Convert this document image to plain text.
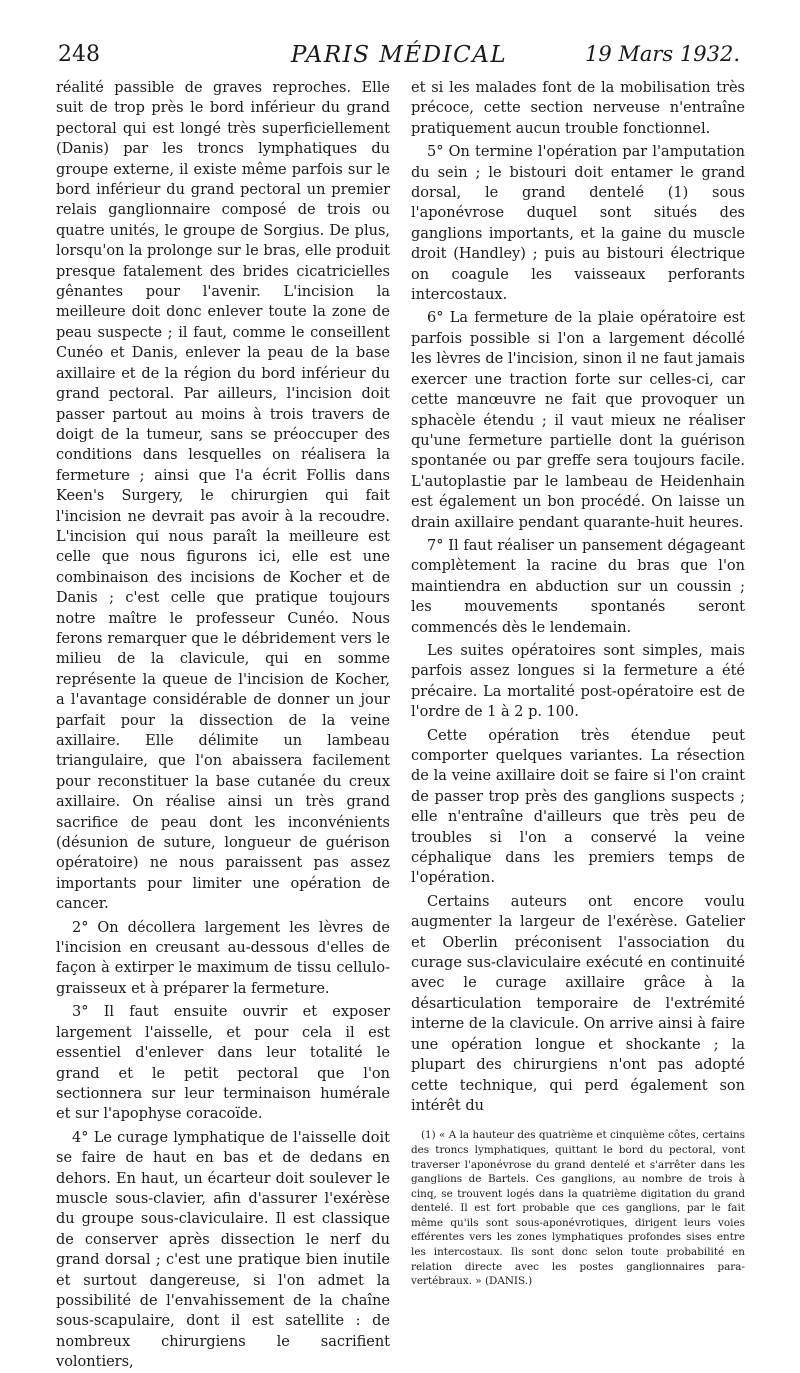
248	PARIS MÉDICAL	19 Mars 1932.

réalité passible de graves reproches. Elle suit de trop près le bord inférieur du grand pectoral qui est longé très superficiellement (Danis) par les troncs lymphatiques du groupe externe, il existe même parfois sur le bord inférieur du grand pectoral un premier relais ganglionnaire composé de trois ou quatre unités, le groupe de Sorgius. De plus, lorsqu'on la prolonge sur le bras, elle produit presque fatalement des brides cicatricielles gênantes pour l'avenir. L'incision la meilleure doit donc enlever toute la zone de peau suspecte ; il faut, comme le conseillent Cunéo et Danis, enlever la peau de la base axillaire et de la région du bord inférieur du grand pectoral. Par ailleurs, l'incision doit passer partout au moins à trois travers de doigt de la tumeur, sans se préoccuper des conditions dans lesquelles on réalisera la fermeture ; ainsi que l'a écrit Follis dans Keen's Surgery, le chirurgien qui fait l'incision ne devrait pas avoir à la recoudre. L'incision qui nous paraît la meilleure est celle que nous figurons ici, elle est une combinaison des incisions de Kocher et de Danis ; c'est celle que pratique toujours notre maître le professeur Cunéo. Nous ferons remarquer que le débridement vers le milieu de la clavicule, qui en somme représente la queue de l'incision de Kocher, a l'avantage considérable de donner un jour parfait pour la dissection de la veine axillaire. Elle délimite un lambeau triangulaire, que l'on abaissera facilement pour reconstituer la base cutanée du creux axillaire. On réalise ainsi un très grand sacrifice de peau dont les inconvénients (désunion de suture, longueur de guérison opératoire) ne nous paraissent pas assez importants pour limiter une opération de cancer.

2° On décollera largement les lèvres de l'incision en creusant au-dessous d'elles de façon à extirper le maximum de tissu cellulo-graisseux et à préparer la fermeture.

3° Il faut ensuite ouvrir et exposer largement l'aisselle, et pour cela il est essentiel d'enlever dans leur totalité le grand et le petit pectoral que l'on sectionnera sur leur terminaison humérale et sur l'apophyse coracoïde.

4° Le curage lymphatique de l'aisselle doit se faire de haut en bas et de dedans en dehors. En haut, un écarteur doit soulever le muscle sous-clavier, afin d'assurer l'exérèse du groupe sous-claviculaire. Il est classique de conserver après dissection le nerf du grand dorsal ; c'est une pratique bien inutile et surtout dangereuse, si l'on admet la possibilité de l'envahissement de la chaîne sous-scapulaire, dont il est satellite : de nombreux chirurgiens le sacrifient volontiers,

et si les malades font de la mobilisation très précoce, cette section nerveuse n'entraîne pratiquement aucun trouble fonctionnel.

5° On termine l'opération par l'amputation du sein ; le bistouri doit entamer le grand dorsal, le grand dentelé (1) sous l'aponévrose duquel sont situés des ganglions importants, et la gaine du muscle droit (Handley) ; puis au bistouri électrique on coagule les vaisseaux perforants intercostaux.

6° La fermeture de la plaie opératoire est parfois possible si l'on a largement décollé les lèvres de l'incision, sinon il ne faut jamais exercer une traction forte sur celles-ci, car cette manœuvre ne fait que provoquer un sphacèle étendu ; il vaut mieux ne réaliser qu'une fermeture partielle dont la guérison spontanée ou par greffe sera toujours facile. L'autoplastie par le lambeau de Heidenhain est également un bon procédé. On laisse un drain axillaire pendant quarante-huit heures.

7° Il faut réaliser un pansement dégageant complètement la racine du bras que l'on maintiendra en abduction sur un coussin ; les mouvements spontanés seront commencés dès le lendemain.

Les suites opératoires sont simples, mais parfois assez longues si la fermeture a été précaire. La mortalité post-opératoire est de l'ordre de 1 à 2 p. 100.

Cette opération très étendue peut comporter quelques variantes. La résection de la veine axillaire doit se faire si l'on craint de passer trop près des ganglions suspects ; elle n'entraîne d'ailleurs que très peu de troubles si l'on a conservé la veine céphalique dans les premiers temps de l'opération.

Certains auteurs ont encore voulu augmenter la largeur de l'exérèse. Gatelier et Oberlin préconisent l'association du curage sus-claviculaire exécuté en continuité avec le curage axillaire grâce à la désarticulation temporaire de l'extrémité interne de la clavicule. On arrive ainsi à faire une opération longue et shockante ; la plupart des chirurgiens n'ont pas adopté cette technique, qui perd également son intérêt du

(1) « A la hauteur des quatrième et cinquième côtes, certains des troncs lymphatiques, quittant le bord du pectoral, vont traverser l'aponévrose du grand dentelé et s'arrêter dans les ganglions de Bartels. Ces ganglions, au nombre de trois à cinq, se trouvent logés dans la quatrième digitation du grand dentelé. Il est fort probable que ces ganglions, par le fait même qu'ils sont sous-aponévrotiques, dirigent leurs voies efférentes vers les zones lymphatiques profondes sises entre les intercostaux. Ils sont donc selon toute probabilité en relation directe avec les postes ganglionnaires para-vertébraux. » (DANIS.)
